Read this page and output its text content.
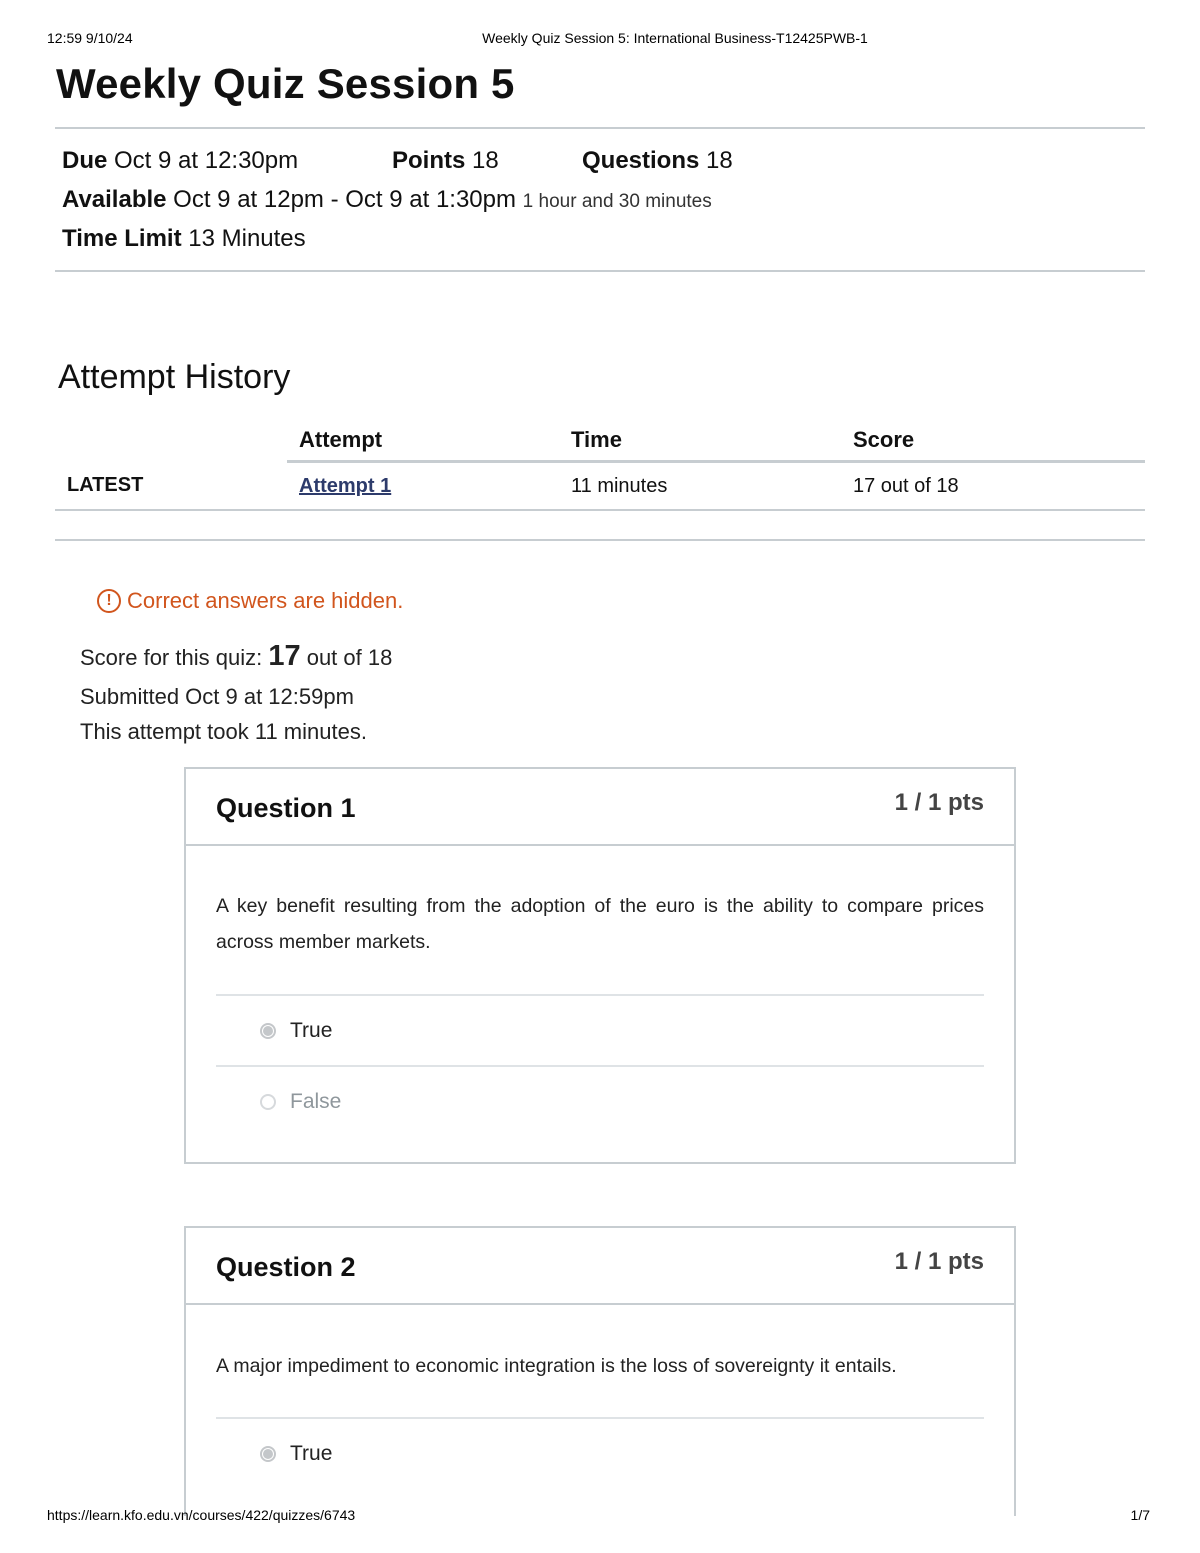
12:59 9/10/24	Weekly Quiz Session 5: International Business-T12425PWB-1
Weekly Quiz Session 5
Due Oct 9 at 12:30pm	Points 18	Questions 18
Available Oct 9 at 12pm - Oct 9 at 1:30pm 1 hour and 30 minutes
Time Limit 13 Minutes
Attempt History
	Attempt	Time	Score
LATEST	Attempt 1	11 minutes	17 out of 18
! Correct answers are hidden.
Score for this quiz: 17 out of 18
Submitted Oct 9 at 12:59pm
This attempt took 11 minutes.
Question 1	1 / 1 pts
A key benefit resulting from the adoption of the euro is the ability to compare prices across member markets.
True
False
Question 2	1 / 1 pts
A major impediment to economic integration is the loss of sovereignty it entails.
True
https://learn.kfo.edu.vn/courses/422/quizzes/6743	1/7
